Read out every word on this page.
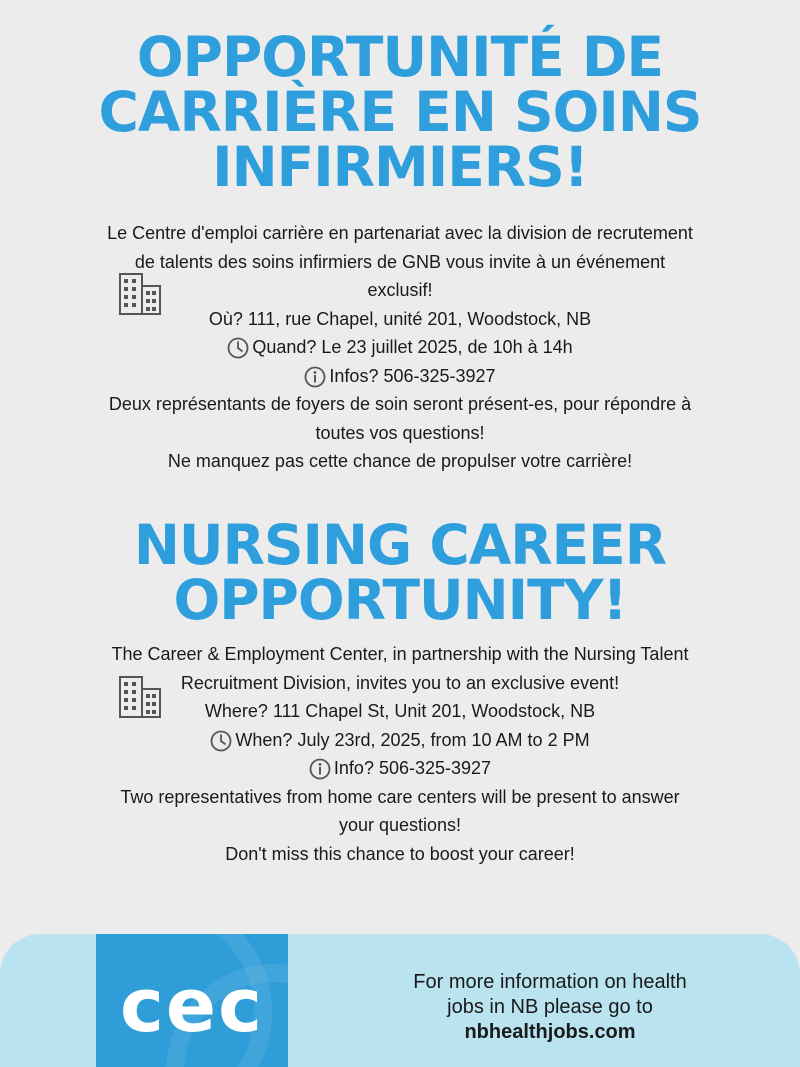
OPPORTUNITÉ DE
CARRIÈRE EN SOINS
INFIRMIERS!
Le Centre d'emploi carrière en partenariat avec la division de recrutement
de talents des soins infirmiers de GNB vous invite à un événement
exclusif!
Où? 111, rue Chapel, unité 201, Woodstock, NB
Quand? Le 23 juillet 2025, de 10h à 14h
Infos? 506-325-3927
Deux représentants de foyers de soin seront présent-es, pour répondre à
toutes vos questions!
Ne manquez pas cette chance de propulser votre carrière!
NURSING CAREER
OPPORTUNITY!
The Career & Employment Center, in partnership with the Nursing Talent
Recruitment Division, invites you to an exclusive event!
Where? 111 Chapel St, Unit 201, Woodstock, NB
When? July 23rd, 2025, from 10 AM to 2 PM
Info? 506-325-3927
Two representatives from home care centers will be present to answer
your questions!
Don't miss this chance to boost your career!
cec	For more information on health
jobs in NB please go to
nbhealthjobs.com
